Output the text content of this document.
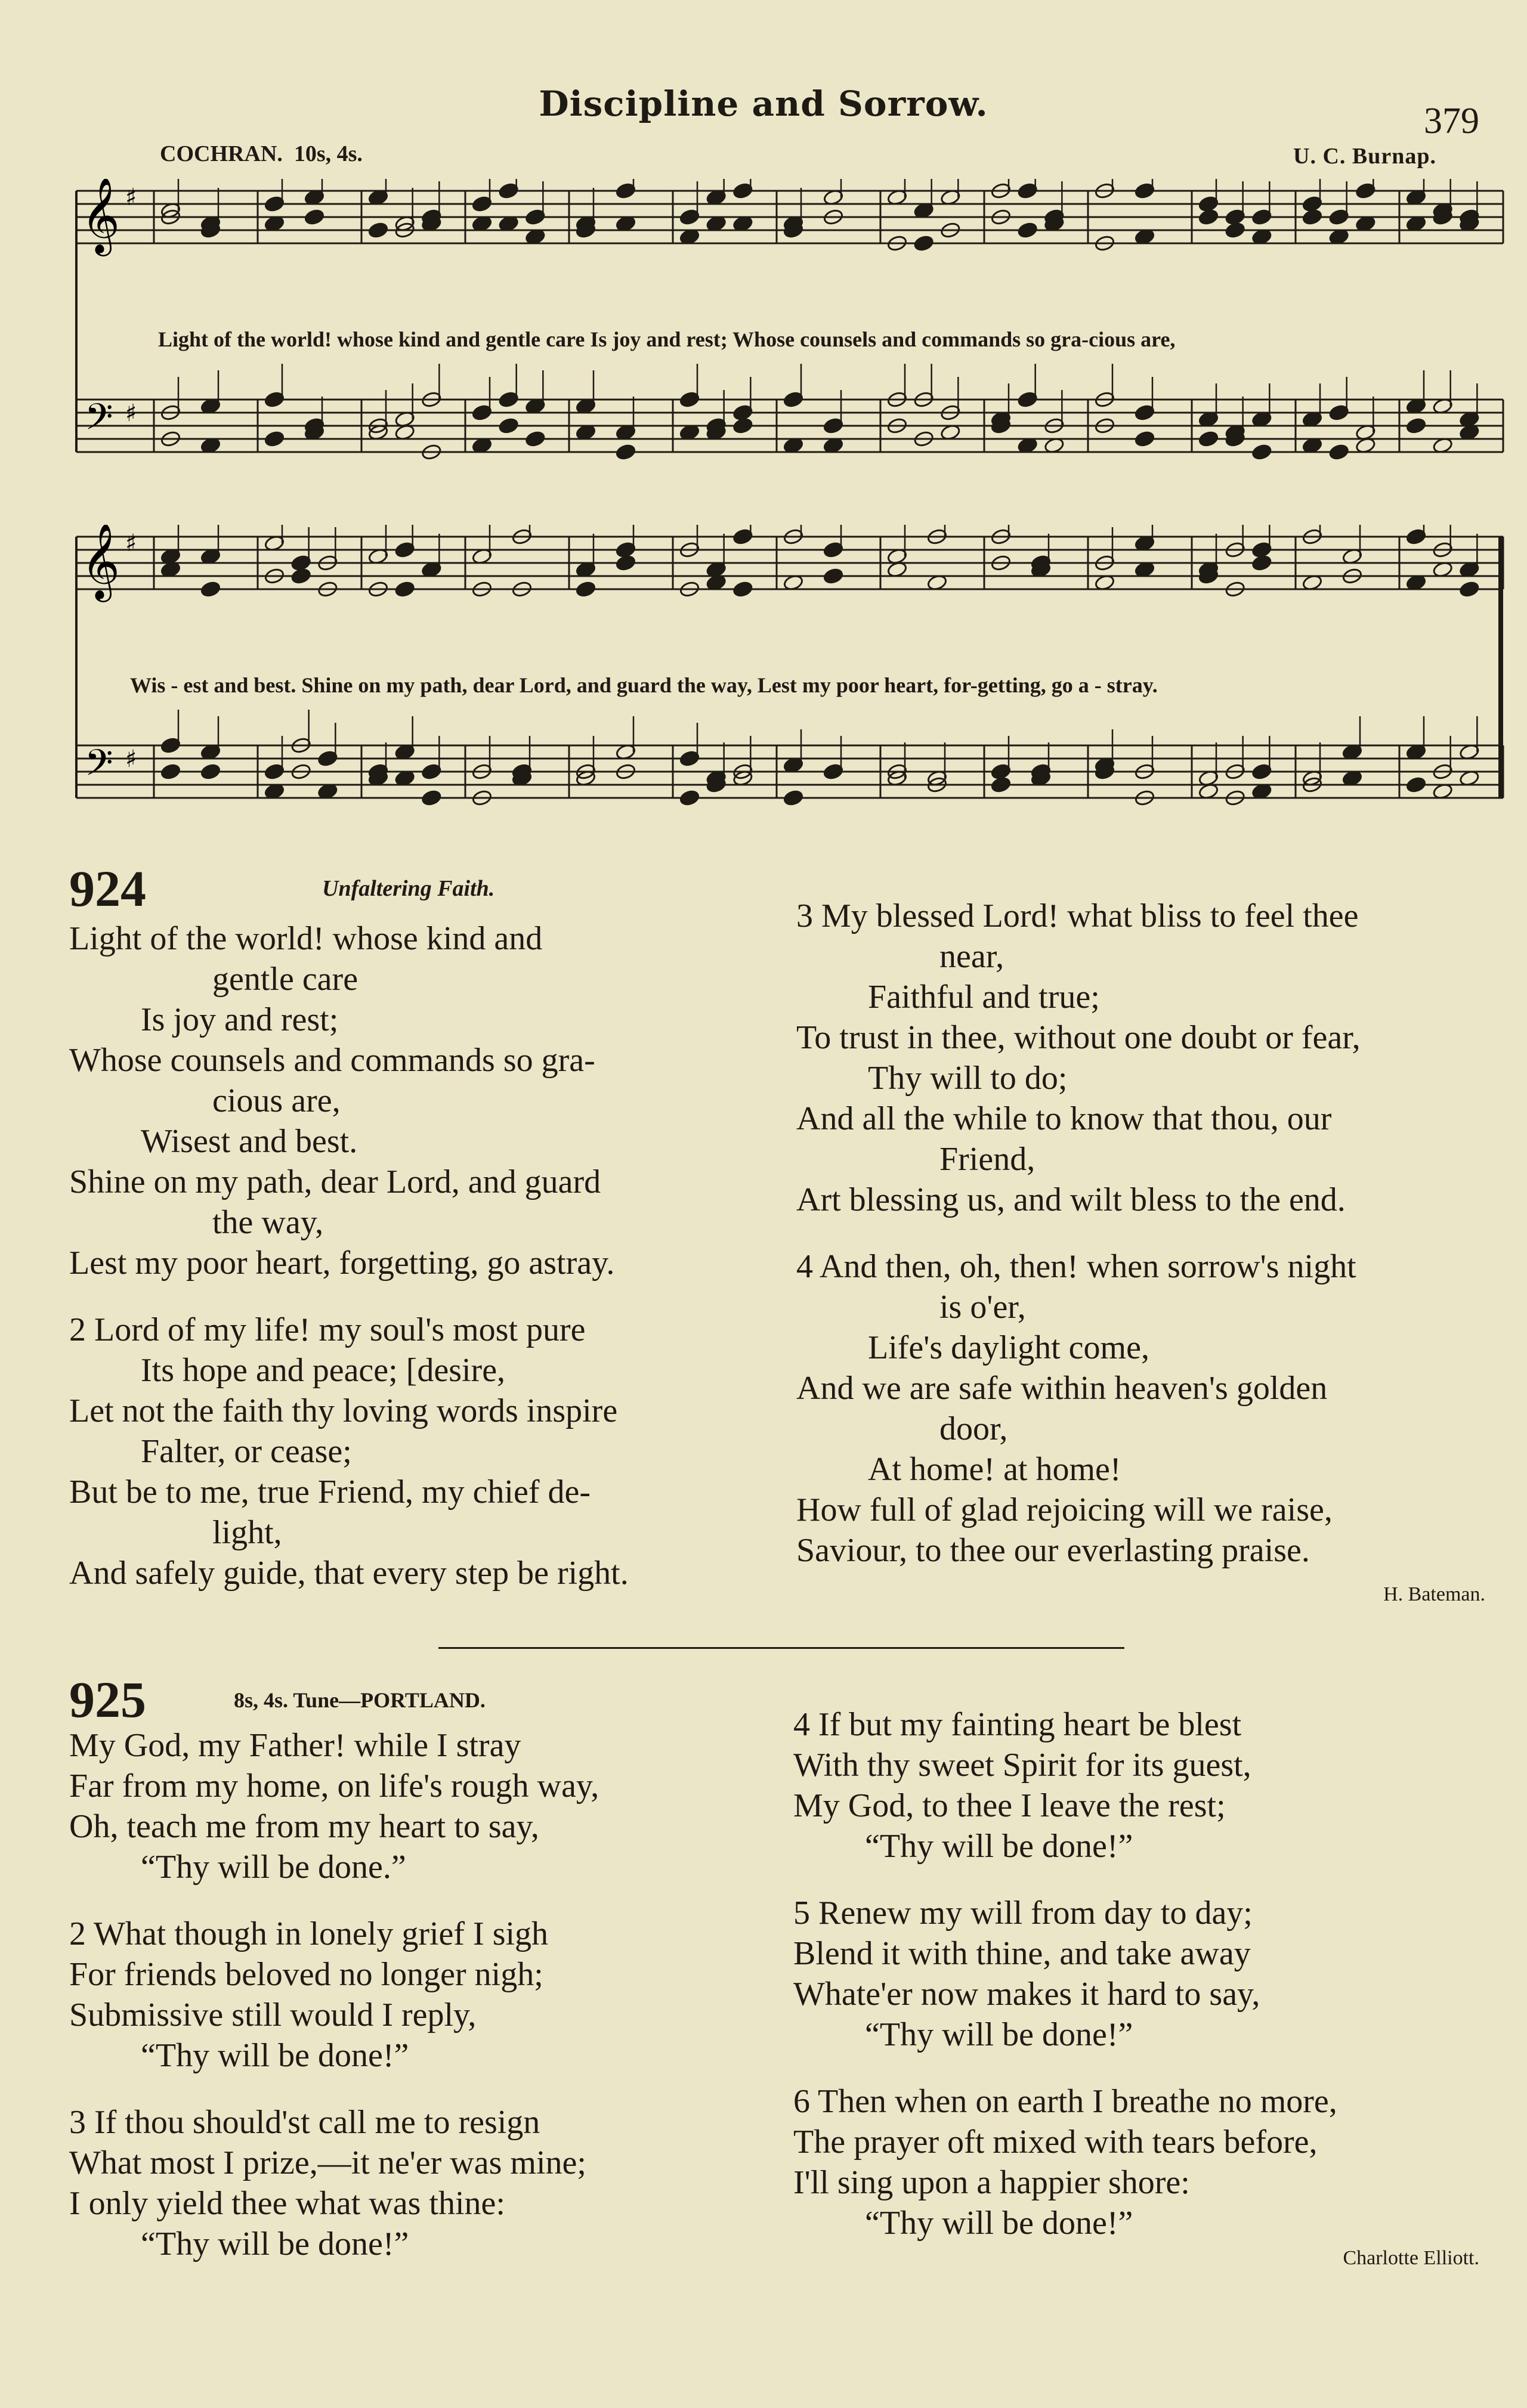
Discipline and Sorrow.	379
COCHRAN. 10s, 4s.	U. C. Burnap.
𝄞
𝄢
♯
♯
Light of the world! whose kind and gentle care Is joy and rest; Whose counsels and commands so gra-cious are,
𝄞
𝄢
♯
♯
Wis - est and best. Shine on my path, dear Lord, and guard the way, Lest my poor heart, for-getting, go a - stray.
924	Unfaltering Faith.
Light of the world! whose kind and
gentle care
Is joy and rest;
Whose counsels and commands so gra-
cious are,
Wisest and best.
Shine on my path, dear Lord, and guard
the way,
Lest my poor heart, forgetting, go astray.
2 Lord of my life! my soul's most pure
Its hope and peace; [desire,
Let not the faith thy loving words inspire
Falter, or cease;
But be to me, true Friend, my chief de-
light,
And safely guide, that every step be right.
3 My blessed Lord! what bliss to feel thee
near,
Faithful and true;
To trust in thee, without one doubt or fear,
Thy will to do;
And all the while to know that thou, our
Friend,
Art blessing us, and wilt bless to the end.
4 And then, oh, then! when sorrow's night
is o'er,
Life's daylight come,
And we are safe within heaven's golden
door,
At home! at home!
How full of glad rejoicing will we raise,
Saviour, to thee our everlasting praise.
H. Bateman.
925	8s, 4s. Tune—PORTLAND.
My God, my Father! while I stray
Far from my home, on life's rough way,
Oh, teach me from my heart to say,
“Thy will be done.”
2 What though in lonely grief I sigh
For friends beloved no longer nigh;
Submissive still would I reply,
“Thy will be done!”
3 If thou should'st call me to resign
What most I prize,—it ne'er was mine;
I only yield thee what was thine:
“Thy will be done!”
4 If but my fainting heart be blest
With thy sweet Spirit for its guest,
My God, to thee I leave the rest;
“Thy will be done!”
5 Renew my will from day to day;
Blend it with thine, and take away
Whate'er now makes it hard to say,
“Thy will be done!”
6 Then when on earth I breathe no more,
The prayer oft mixed with tears before,
I'll sing upon a happier shore:
“Thy will be done!”
Charlotte Elliott.
